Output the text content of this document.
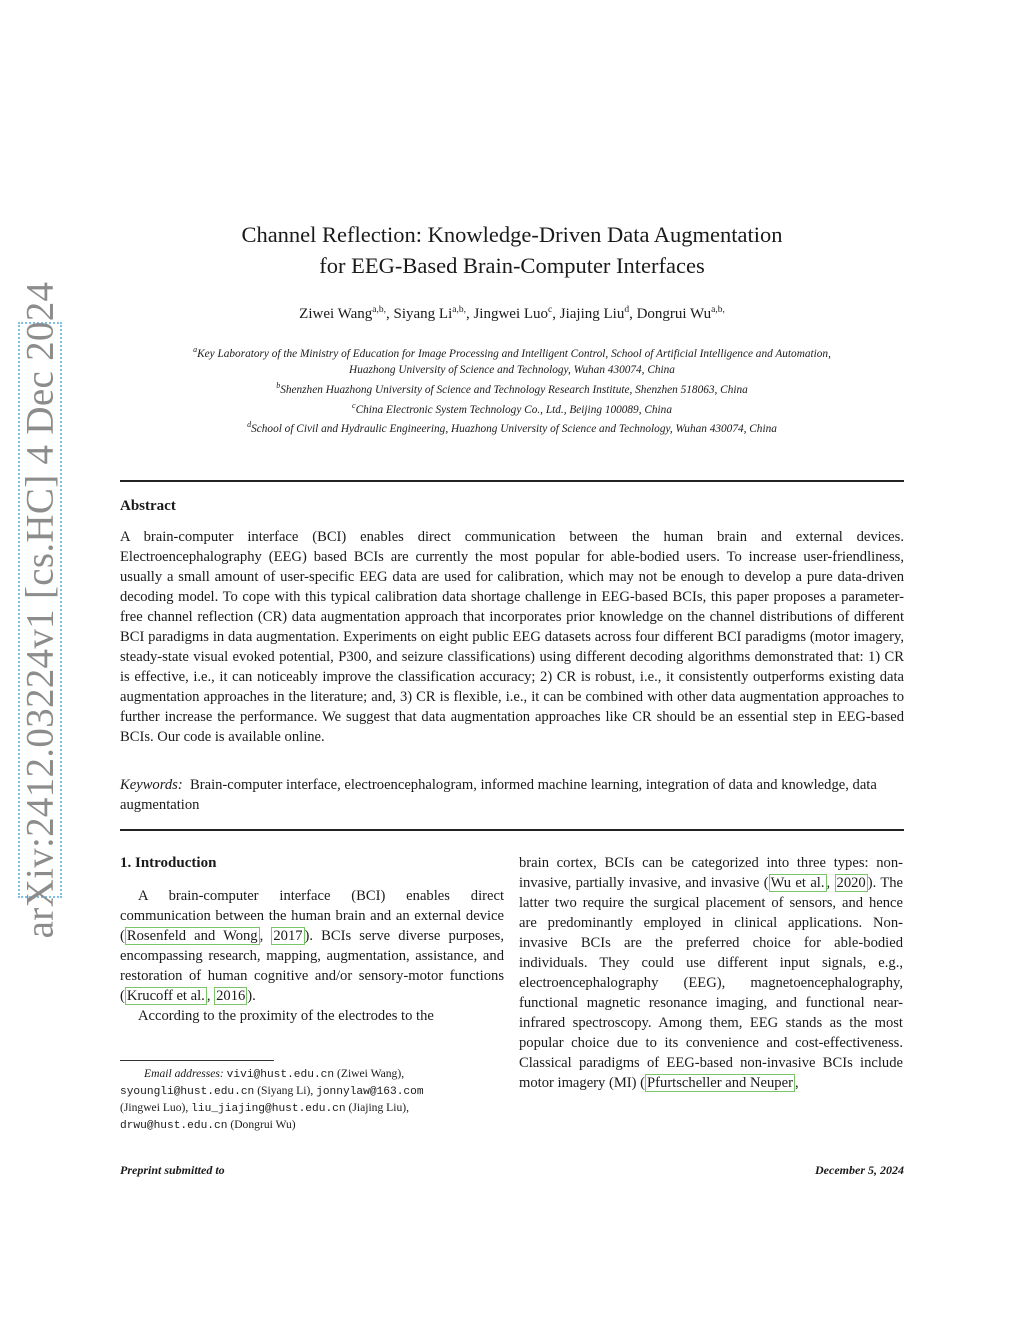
arXiv:2412.03224v1 [cs.HC] 4 Dec 2024
Channel Reflection: Knowledge-Driven Data Augmentation
for EEG-Based Brain-Computer Interfaces
Ziwei Wang$^{a,b,}$, Siyang $Li^{a,b,}$, Jingwei Luo$^c$, Jiajing Liu$^d$, Dongrui $Wu^{a,b,}$
$^a$Key Laboratory of the Ministry of Education for Image Processing and Intelligent Control, School of Artificial Intelligence and Automation,
Huazhong University of Science and Technology, Wuhan 430074, China
$^b$Shenzhen Huazhong University of Science and Technology Research Institute, Shenzhen 518063, China
$^c$China Electronic System Technology Co., Ltd., Beijing 100089, China
$^d$School of Civil and Hydraulic Engineering, Huazhong University of Science and Technology, Wuhan 430074, China
Abstract
A brain-computer interface (BCI) enables direct communication between the human brain and external devices. Electroencephalography (EEG) based BCIs are currently the most popular for able-bodied users. To increase user-friendliness, usually a small amount of user-specific EEG data are used for calibration, which may not be enough to develop a pure data-driven decoding model. To cope with this typical calibration data shortage challenge in EEG-based BCIs, this paper proposes a parameter-free channel reflection (CR) data augmentation approach that incorporates prior knowledge on the channel distributions of different BCI paradigms in data augmentation. Experiments on eight public EEG datasets across four different BCI paradigms (motor imagery, steady-state visual evoked potential, P300, and seizure classifications) using different decoding algorithms demonstrated that: 1) CR is effective, i.e., it can noticeably improve the classification accuracy; 2) CR is robust, i.e., it consistently outperforms existing data augmentation approaches in the literature; and, 3) CR is flexible, i.e., it can be combined with other data augmentation approaches to further increase the performance. We suggest that data augmentation approaches like CR should be an essential step in EEG-based BCIs. Our code is available online.
Keywords: Brain-computer interface, electroencephalogram, informed machine learning, integration of data and knowledge, data augmentation
1. Introduction

A brain-computer interface (BCI) enables direct communication between the human brain and an external device ( Rosenfeld and Wong , 2017 ). BCIs serve diverse purposes, encompassing research, mapping, augmentation, assistance, and restoration of human cognitive and/or sensory-motor functions ( Krucoff et al. , 2016 ).

According to the proximity of the electrodes to the

brain cortex, BCIs can be categorized into three types: non-invasive, partially invasive, and invasive ( Wu et al. , 2020 ). The latter two require the surgical placement of sensors, and hence are predominantly employed in clinical applications. Non-invasive BCIs are the preferred choice for able-bodied individuals. They could use different input signals, e.g., electroencephalography (EEG), magnetoencephalography, functional magnetic resonance imaging, and functional near-infrared spectroscopy. Among them, EEG stands as the most popular choice due to its convenience and cost-effectiveness. Classical paradigms of EEG-based non-invasive BCIs include motor imagery (MI) ( Pfurtscheller and Neuper ,

Email addresses: vivi@hust.edu.cn (Ziwei Wang),
syoungli@hust.edu.cn (Siyang Li), jonnylaw@163.com
(Jingwei Luo), liu_jiajing@hust.edu.cn (Jiajing Liu),
drwu@hust.edu.cn (Dongrui Wu)
Preprint submitted to	December 5, 2024
